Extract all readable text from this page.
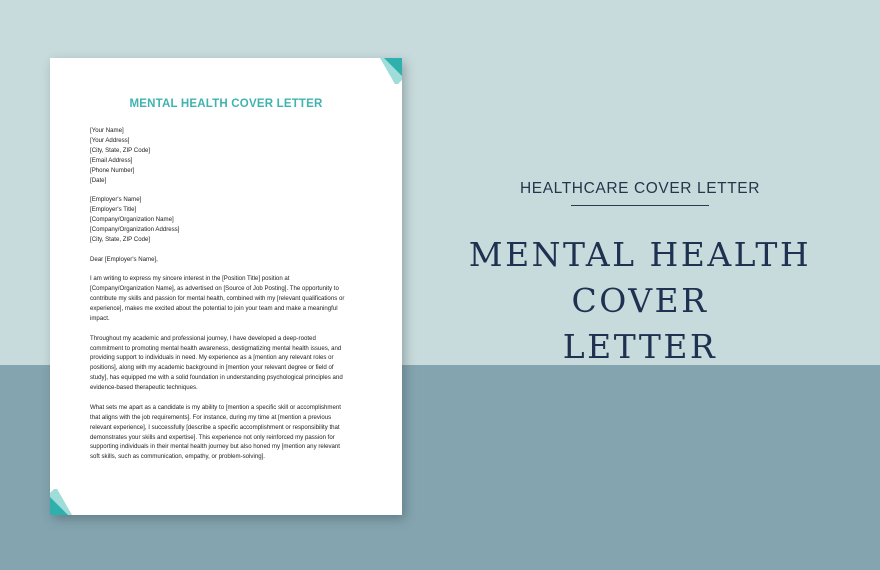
MENTAL HEALTH COVER LETTER
[Your Name]
[Your Address]
[City, State, ZIP Code]
[Email Address]
[Phone Number]
[Date]
[Employer's Name]
[Employer's Title]
[Company/Organization Name]
[Company/Organization Address]
[City, State, ZIP Code]
Dear [Employer's Name],
I am writing to express my sincere interest in the [Position Title] position at
[Company/Organization Name], as advertised on [Source of Job Posting]. The opportunity to
contribute my skills and passion for mental health, combined with my [relevant qualifications or
experience], makes me excited about the potential to join your team and make a meaningful
impact.
Throughout my academic and professional journey, I have developed a deep-rooted
commitment to promoting mental health awareness, destigmatizing mental health issues, and
providing support to individuals in need. My experience as a [mention any relevant roles or
positions], along with my academic background in [mention your relevant degree or field of
study], has equipped me with a solid foundation in understanding psychological principles and
evidence-based therapeutic techniques.
What sets me apart as a candidate is my ability to [mention a specific skill or accomplishment
that aligns with the job requirements]. For instance, during my time at [mention a previous
relevant experience], I successfully [describe a specific accomplishment or responsibility that
demonstrates your skills and expertise]. This experience not only reinforced my passion for
supporting individuals in their mental health journey but also honed my [mention any relevant
soft skills, such as communication, empathy, or problem-solving].
HEALTHCARE COVER LETTER
MENTAL HEALTH COVER
LETTER
